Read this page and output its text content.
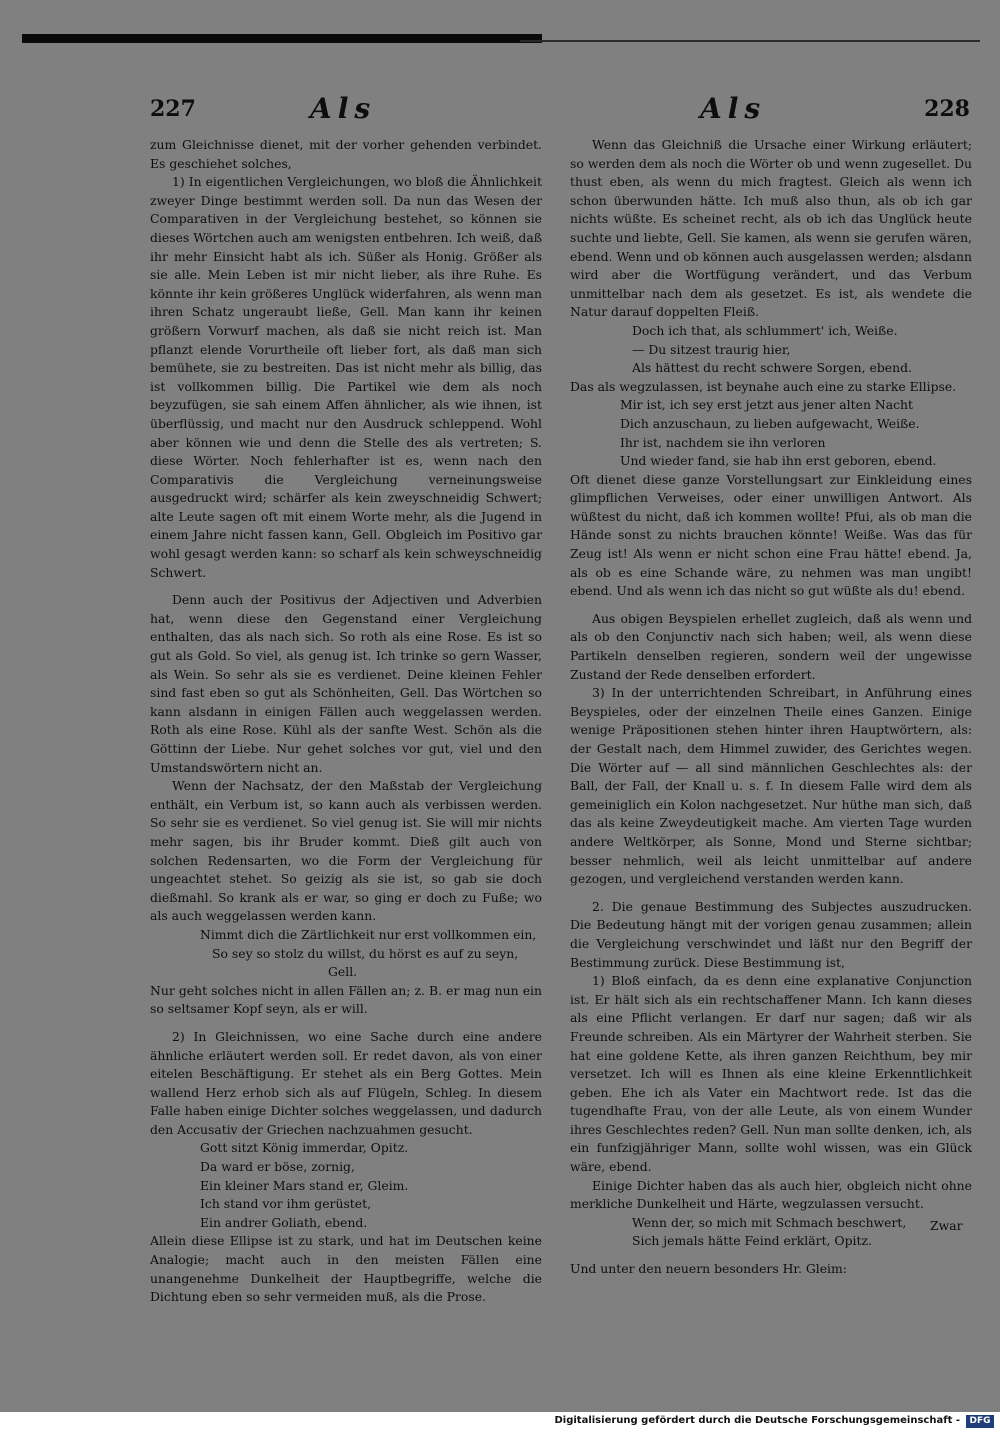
227	Als	Als	228

zum Gleichnisse dienet, mit der vorher gehenden verbindet. Es geschiehet solches,

1) In eigentlichen Vergleichungen, wo bloß die Ähnlichkeit zweyer Dinge bestimmt werden soll. Da nun das Wesen der Comparativen in der Vergleichung bestehet, so können sie dieses Wörtchen auch am wenigsten entbehren. Ich weiß, daß ihr mehr Einsicht habt als ich. Süßer als Honig. Größer als sie alle. Mein Leben ist mir nicht lieber, als ihre Ruhe. Es könnte ihr kein größeres Unglück widerfahren, als wenn man ihren Schatz ungeraubt ließe, Gell. Man kann ihr keinen größern Vorwurf machen, als daß sie nicht reich ist. Man pflanzt elende Vorurtheile oft lieber fort, als daß man sich bemühete, sie zu bestreiten. Das ist nicht mehr als billig, das ist vollkommen billig. Die Partikel wie dem als noch beyzufügen, sie sah einem Affen ähnlicher, als wie ihnen, ist überflüssig, und macht nur den Ausdruck schleppend. Wohl aber können wie und denn die Stelle des als vertreten; S. diese Wörter. Noch fehlerhafter ist es, wenn nach den Comparativis die Vergleichung verneinungsweise ausgedruckt wird; schärfer als kein zweyschneidig Schwert; alte Leute sagen oft mit einem Worte mehr, als die Jugend in einem Jahre nicht fassen kann, Gell. Obgleich im Positivo gar wohl gesagt werden kann: so scharf als kein schweyschneidig Schwert.

Denn auch der Positivus der Adjectiven und Adverbien hat, wenn diese den Gegenstand einer Vergleichung enthalten, das als nach sich. So roth als eine Rose. Es ist so gut als Gold. So viel, als genug ist. Ich trinke so gern Wasser, als Wein. So sehr als sie es verdienet. Deine kleinen Fehler sind fast eben so gut als Schönheiten, Gell. Das Wörtchen so kann alsdann in einigen Fällen auch weggelassen werden. Roth als eine Rose. Kühl als der sanfte West. Schön als die Göttinn der Liebe. Nur gehet solches vor gut, viel und den Umstandswörtern nicht an.

Wenn der Nachsatz, der den Maßstab der Vergleichung enthält, ein Verbum ist, so kann auch als verbissen werden. So sehr sie es verdienet. So viel genug ist. Sie will mir nichts mehr sagen, bis ihr Bruder kommt. Dieß gilt auch von solchen Redensarten, wo die Form der Vergleichung für ungeachtet stehet. So geizig als sie ist, so gab sie doch dießmahl. So krank als er war, so ging er doch zu Fuße; wo als auch weggelassen werden kann.

Nimmt dich die Zärtlichkeit nur erst vollkommen ein,

So sey so stolz du willst, du hörst es auf zu seyn,

Gell.

Nur geht solches nicht in allen Fällen an; z. B. er mag nun ein so seltsamer Kopf seyn, als er will.

2) In Gleichnissen, wo eine Sache durch eine andere ähnliche erläutert werden soll. Er redet davon, als von einer eitelen Beschäftigung. Er stehet als ein Berg Gottes. Mein wallend Herz erhob sich als auf Flügeln, Schleg. In diesem Falle haben einige Dichter solches weggelassen, und dadurch den Accusativ der Griechen nachzuahmen gesucht.

Gott sitzt König immerdar, Opitz.

Da ward er böse, zornig,

Ein kleiner Mars stand er, Gleim.

Ich stand vor ihm gerüstet,

Ein andrer Goliath, ebend.

Allein diese Ellipse ist zu stark, und hat im Deutschen keine Analogie; macht auch in den meisten Fällen eine unangenehme Dunkelheit der Hauptbegriffe, welche die Dichtung eben so sehr vermeiden muß, als die Prose.

Wenn das Gleichniß die Ursache einer Wirkung erläutert; so werden dem als noch die Wörter ob und wenn zugesellet. Du thust eben, als wenn du mich fragtest. Gleich als wenn ich schon überwunden hätte. Ich muß also thun, als ob ich gar nichts wüßte. Es scheinet recht, als ob ich das Unglück heute suchte und liebte, Gell. Sie kamen, als wenn sie gerufen wären, ebend. Wenn und ob können auch ausgelassen werden; alsdann wird aber die Wortfügung verändert, und das Verbum unmittelbar nach dem als gesetzet. Es ist, als wendete die Natur darauf doppelten Fleiß.

Doch ich that, als schlummert' ich, Weiße.

— Du sitzest traurig hier,

Als hättest du recht schwere Sorgen, ebend.

Das als wegzulassen, ist beynahe auch eine zu starke Ellipse.

Mir ist, ich sey erst jetzt aus jener alten Nacht

Dich anzuschaun, zu lieben aufgewacht, Weiße.

Ihr ist, nachdem sie ihn verloren

Und wieder fand, sie hab ihn erst geboren, ebend.

Oft dienet diese ganze Vorstellungsart zur Einkleidung eines glimpflichen Verweises, oder einer unwilligen Antwort. Als wüßtest du nicht, daß ich kommen wollte! Pfui, als ob man die Hände sonst zu nichts brauchen könnte! Weiße. Was das für Zeug ist! Als wenn er nicht schon eine Frau hätte! ebend. Ja, als ob es eine Schande wäre, zu nehmen was man ungibt! ebend. Und als wenn ich das nicht so gut wüßte als du! ebend.

Aus obigen Beyspielen erhellet zugleich, daß als wenn und als ob den Conjunctiv nach sich haben; weil, als wenn diese Partikeln denselben regieren, sondern weil der ungewisse Zustand der Rede denselben erfordert.

3) In der unterrichtenden Schreibart, in Anführung eines Beyspieles, oder der einzelnen Theile eines Ganzen. Einige wenige Präpositionen stehen hinter ihren Hauptwörtern, als: der Gestalt nach, dem Himmel zuwider, des Gerichtes wegen. Die Wörter auf — all sind männlichen Geschlechtes als: der Ball, der Fall, der Knall u. s. f. In diesem Falle wird dem als gemeiniglich ein Kolon nachgesetzet. Nur hüthe man sich, daß das als keine Zweydeutigkeit mache. Am vierten Tage wurden andere Weltkörper, als Sonne, Mond und Sterne sichtbar; besser nehmlich, weil als leicht unmittelbar auf andere gezogen, und vergleichend verstanden werden kann.

2. Die genaue Bestimmung des Subjectes auszudrucken. Die Bedeutung hängt mit der vorigen genau zusammen; allein die Vergleichung verschwindet und läßt nur den Begriff der Bestimmung zurück. Diese Bestimmung ist,

1) Bloß einfach, da es denn eine explanative Conjunction ist. Er hält sich als ein rechtschaffener Mann. Ich kann dieses als eine Pflicht verlangen. Er darf nur sagen; daß wir als Freunde schreiben. Als ein Märtyrer der Wahrheit sterben. Sie hat eine goldene Kette, als ihren ganzen Reichthum, bey mir versetzet. Ich will es Ihnen als eine kleine Erkenntlichkeit geben. Ehe ich als Vater ein Machtwort rede. Ist das die tugendhafte Frau, von der alle Leute, als von einem Wunder ihres Geschlechtes reden? Gell. Nun man sollte denken, ich, als ein funfzigjähriger Mann, sollte wohl wissen, was ein Glück wäre, ebend.

Einige Dichter haben das als auch hier, obgleich nicht ohne merkliche Dunkelheit und Härte, wegzulassen versucht.

Wenn der, so mich mit Schmach beschwert,

Sich jemals hätte Feind erklärt, Opitz.

Und unter den neuern besonders Hr. Gleim:

Zwar
Digitalisierung gefördert durch die Deutsche Forschungsgemeinschaft -	DFG
